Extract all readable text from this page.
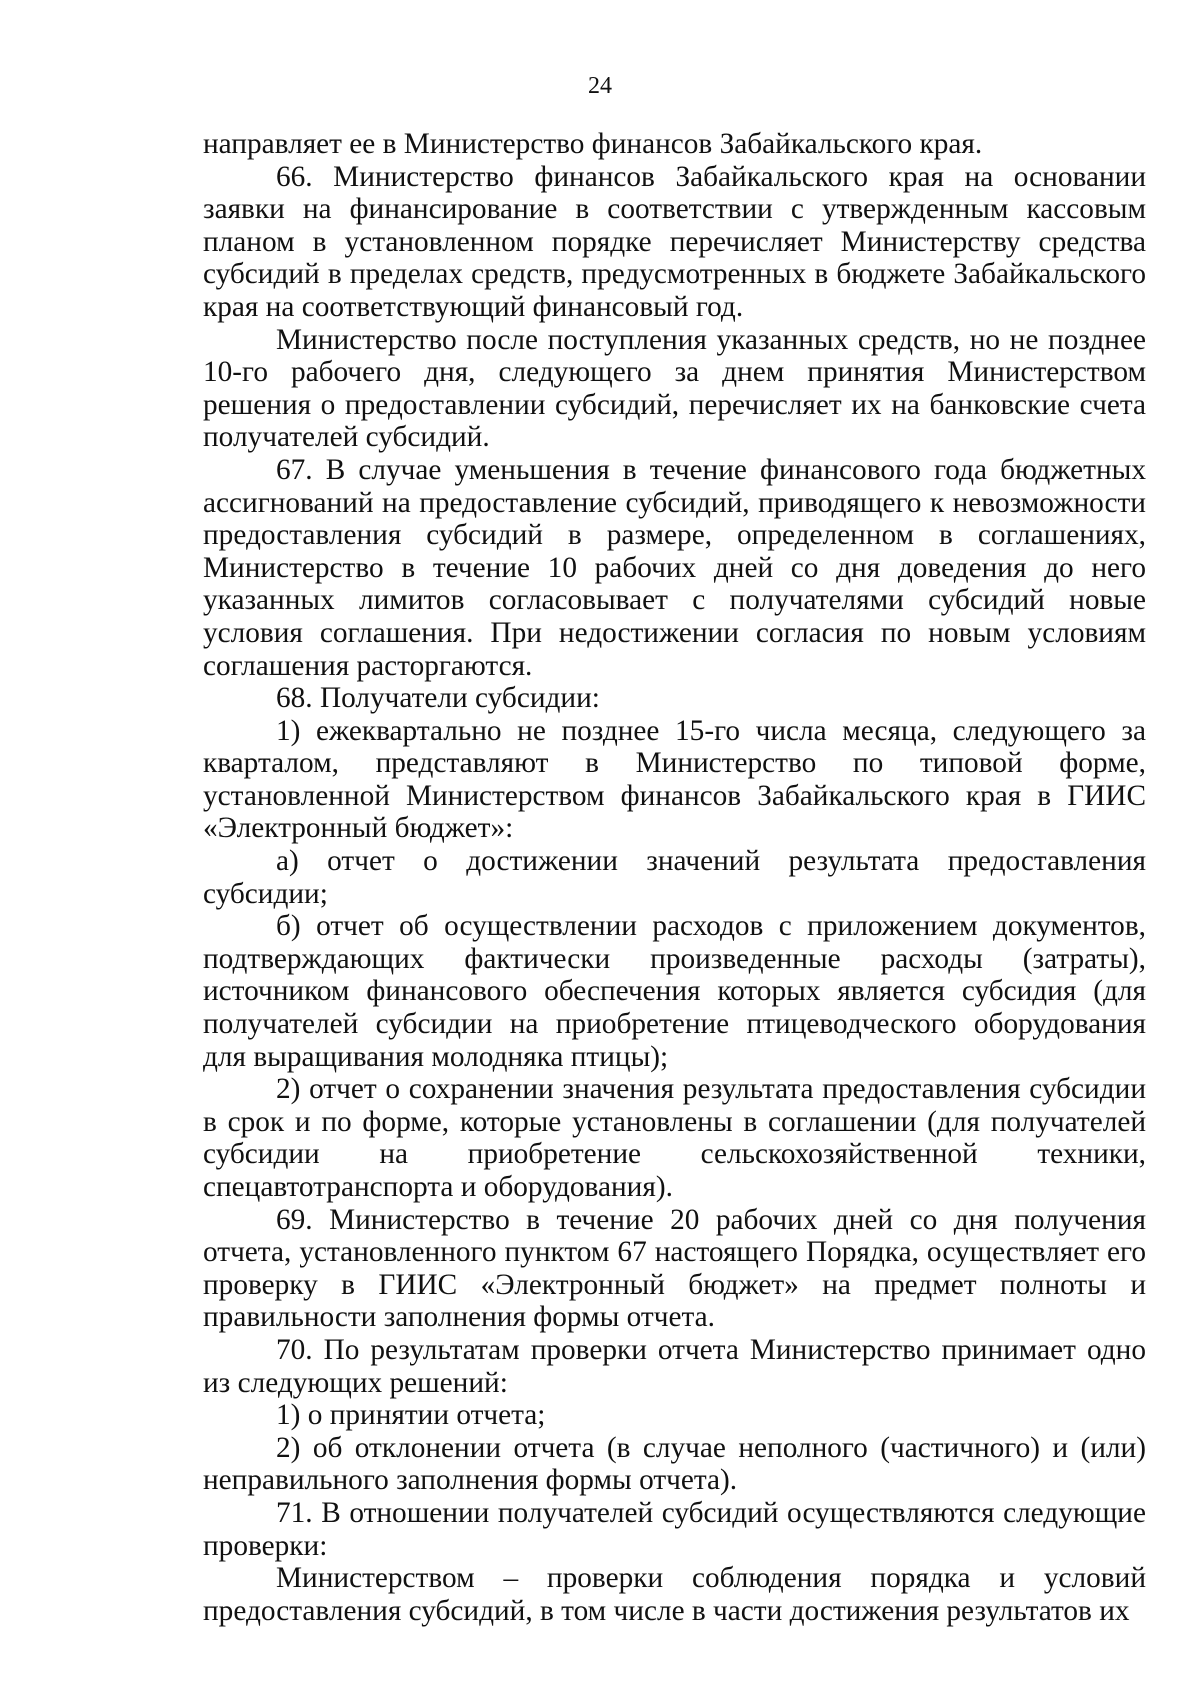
24

направляет ее в Министерство финансов Забайкальского края.

66. Министерство финансов Забайкальского края на основании заявки на финансирование в соответствии с утвержденным кассовым планом в установленном порядке перечисляет Министерству средства субсидий в пределах средств, предусмотренных в бюджете Забайкальского края на соответствующий финансовый год.

Министерство после поступления указанных средств, но не позднее 10-го рабочего дня, следующего за днем принятия Министерством решения о предоставлении субсидий, перечисляет их на банковские счета получателей субсидий.

67. В случае уменьшения в течение финансового года бюджетных ассигнований на предоставление субсидий, приводящего к невозможности предоставления субсидий в размере, определенном в соглашениях, Министерство в течение 10 рабочих дней со дня доведения до него указанных лимитов согласовывает с получателями субсидий новые условия соглашения. При недостижении согласия по новым условиям соглашения расторгаются.

68. Получатели субсидии:

1) ежеквартально не позднее 15-го числа месяца, следующего за кварталом, представляют в Министерство по типовой форме, установленной Министерством финансов Забайкальского края в ГИИС «Электронный бюджет»:

а) отчет о достижении значений результата предоставления субсидии;

б) отчет об осуществлении расходов с приложением документов, подтверждающих фактически произведенные расходы (затраты), источником финансового обеспечения которых является субсидия (для получателей субсидии на приобретение птицеводческого оборудования для выращивания молодняка птицы);

2) отчет о сохранении значения результата предоставления субсидии в срок и по форме, которые установлены в соглашении (для получателей субсидии на приобретение сельскохозяйственной техники, спецавтотранспорта и оборудования).

69. Министерство в течение 20 рабочих дней со дня получения отчета, установленного пунктом 67 настоящего Порядка, осуществляет его проверку в ГИИС «Электронный бюджет» на предмет полноты и правильности заполнения формы отчета.

70. По результатам проверки отчета Министерство принимает одно из следующих решений:

1) о принятии отчета;

2) об отклонении отчета (в случае неполного (частичного) и (или) неправильного заполнения формы отчета).

71. В отношении получателей субсидий осуществляются следующие проверки:

Министерством – проверки соблюдения порядка и условий предоставления субсидий, в том числе в части достижения результатов их
